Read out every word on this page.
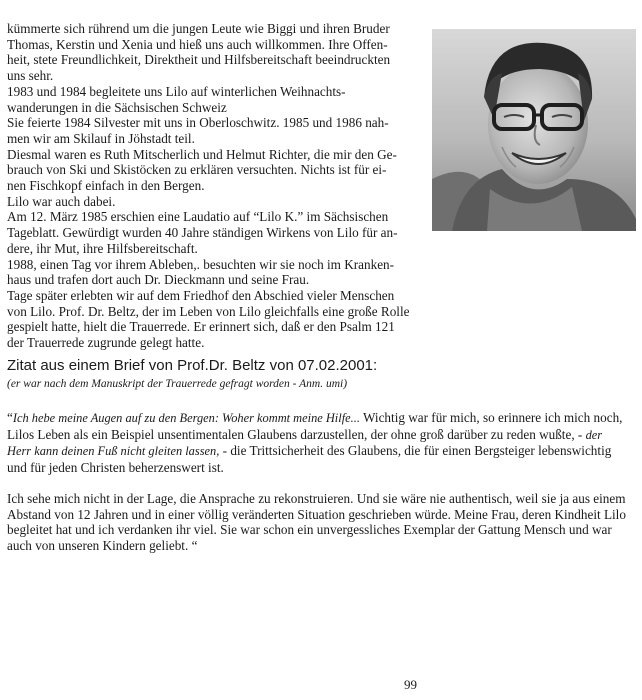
kümmerte sich rührend um die jungen Leute wie Biggi und ihren Bruder

Thomas, Kerstin und Xenia und hieß uns auch willkommen. Ihre Offen-

heit, stete Freundlichkeit, Direktheit und Hilfsbereitschaft beeindruckten

uns sehr.

1983 und 1984 begleitete uns Lilo auf winterlichen Weihnachts-

wanderungen in die Sächsischen Schweiz

Sie feierte 1984 Silvester mit uns in Oberloschwitz. 1985 und 1986 nah-

men wir am Skilauf in Jöhstadt teil.

Diesmal waren es Ruth Mitscherlich und Helmut Richter, die mir den Ge-

brauch von Ski und Skistöcken zu erklären versuchten. Nichts ist für ei-

nen Fischkopf einfach in den Bergen.

Lilo war auch dabei.

Am 12. März 1985 erschien eine Laudatio auf “Lilo K.” im Sächsischen

Tageblatt. Gewürdigt wurden 40 Jahre ständigen Wirkens von Lilo für an-

dere, ihr Mut, ihre Hilfsbereitschaft.

1988, einen Tag vor ihrem Ableben,. besuchten wir sie noch im Kranken-

haus und trafen dort auch Dr. Dieckmann und seine Frau.

Tage später erlebten wir auf dem Friedhof den Abschied vieler Menschen

von Lilo. Prof. Dr. Beltz, der im Leben von Lilo gleichfalls eine große Rolle

gespielt hatte, hielt die Trauerrede. Er erinnert sich, daß er den Psalm 121

der Trauerrede zugrunde gelegt hatte.

Zitat aus einem Brief von Prof.Dr. Beltz von 07.02.2001:

(er war nach dem Manuskript der Trauerrede gefragt worden - Anm. umi)

“Ich hebe meine Augen auf zu den Bergen: Woher kommt meine Hilfe... Wichtig war für mich, so erinnere ich mich noch, Lilos Leben als ein Beispiel unsentimentalen Glaubens darzustellen, der ohne groß darüber zu reden wußte, - der Herr kann deinen Fuß nicht gleiten lassen, - die Trittsicherheit des Glaubens, die für einen Bergsteiger lebenswichtig und für jeden Christen beherzenswert ist.

Ich sehe mich nicht in der Lage, die Ansprache zu rekonstruieren. Und sie wäre nie authentisch, weil sie ja aus einem Abstand von 12 Jahren und in einer völlig veränderten Situation geschrieben würde. Meine Frau, deren Kindheit Lilo begleitet hat und ich verdanken ihr viel. Sie war schon ein unvergessliches Exemplar der Gattung Mensch und war auch von unseren Kindern geliebt. “

99
